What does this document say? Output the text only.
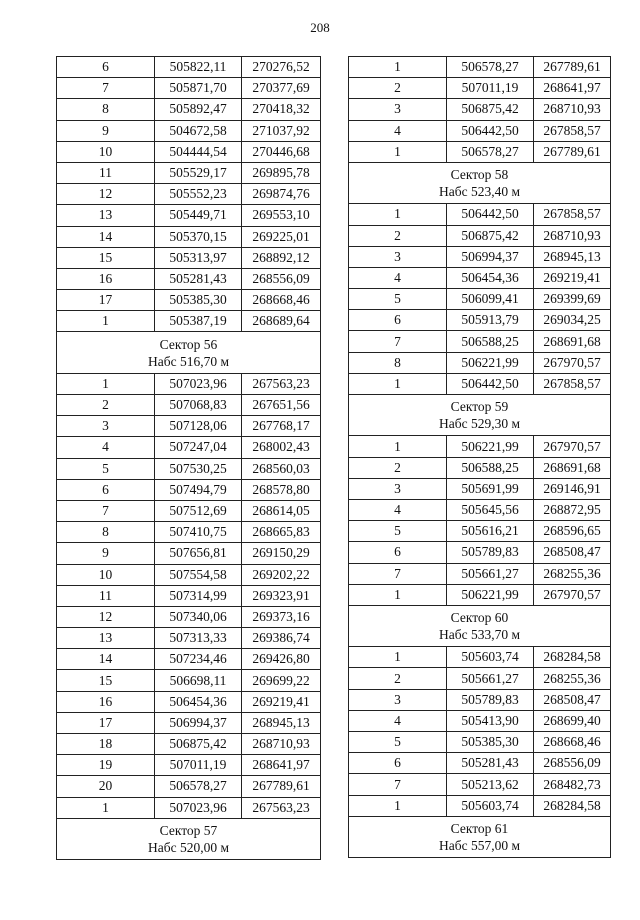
208
6	505822,11	270276,52
7	505871,70	270377,69
8	505892,47	270418,32
9	504672,58	271037,92
10	504444,54	270446,68
11	505529,17	269895,78
12	505552,23	269874,76
13	505449,71	269553,10
14	505370,15	269225,01
15	505313,97	268892,12
16	505281,43	268556,09
17	505385,30	268668,46
1	505387,19	268689,64

Сектор 56
Набс 516,70 м		

1	507023,96	267563,23
2	507068,83	267651,56
3	507128,06	267768,17
4	507247,04	268002,43
5	507530,25	268560,03
6	507494,79	268578,80
7	507512,69	268614,05
8	507410,75	268665,83
9	507656,81	269150,29
10	507554,58	269202,22
11	507314,99	269323,91
12	507340,06	269373,16
13	507313,33	269386,74
14	507234,46	269426,80
15	506698,11	269699,22
16	506454,36	269219,41
17	506994,37	268945,13
18	506875,42	268710,93
19	507011,19	268641,97
20	506578,27	267789,61
1	507023,96	267563,23

Сектор 57
Набс 520,00 м		
1	506578,27	267789,61
2	507011,19	268641,97
3	506875,42	268710,93
4	506442,50	267858,57
1	506578,27	267789,61

Сектор 58
Набс 523,40 м		

1	506442,50	267858,57
2	506875,42	268710,93
3	506994,37	268945,13
4	506454,36	269219,41
5	506099,41	269399,69
6	505913,79	269034,25
7	506588,25	268691,68
8	506221,99	267970,57
1	506442,50	267858,57

Сектор 59
Набс 529,30 м		

1	506221,99	267970,57
2	506588,25	268691,68
3	505691,99	269146,91
4	505645,56	268872,95
5	505616,21	268596,65
6	505789,83	268508,47
7	505661,27	268255,36
1	506221,99	267970,57

Сектор 60
Набс 533,70 м		

1	505603,74	268284,58
2	505661,27	268255,36
3	505789,83	268508,47
4	505413,90	268699,40
5	505385,30	268668,46
6	505281,43	268556,09
7	505213,62	268482,73
1	505603,74	268284,58

Сектор 61
Набс 557,00 м		
